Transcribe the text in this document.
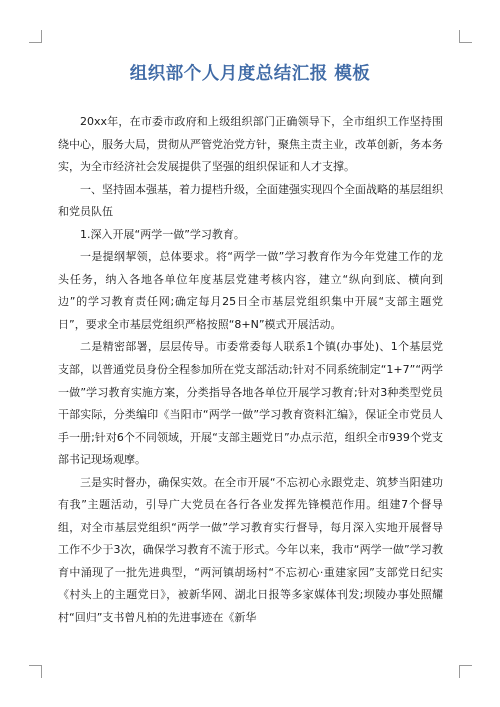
组织部个人月度总结汇报 模板

20xx年，在市委市政府和上级组织部门正确领导下，全市组织工作坚持围绕中心，服务大局，贯彻从严管党治党方针，聚焦主责主业，改革创新，务本务实，为全市经济社会发展提供了坚强的组织保证和人才支撑。

一、坚持固本强基，着力提档升级，全面建强实现四个全面战略的基层组织和党员队伍

1.深入开展“两学一做”学习教育。

一是提纲挈领，总体要求。将“两学一做”学习教育作为今年党建工作的龙头任务，纳入各地各单位年度基层党建考核内容，建立“纵向到底、横向到边”的学习教育责任网;确定每月25日全市基层党组织集中开展“支部主题党日”，要求全市基层党组织严格按照“8+N”模式开展活动。

二是精密部署，层层传导。市委常委每人联系1个镇(办事处)、1个基层党支部，以普通党员身份全程参加所在党支部活动;针对不同系统制定“1+7”“两学一做”学习教育实施方案，分类指导各地各单位开展学习教育;针对3种类型党员干部实际，分类编印《当阳市“两学一做”学习教育资料汇编》，保证全市党员人手一册;针对6个不同领域，开展“支部主题党日”办点示范，组织全市939个党支部书记现场观摩。

三是实时督办，确保实效。在全市开展“不忘初心永跟党走、筑梦当阳建功有我”主题活动，引导广大党员在各行各业发挥先锋模范作用。组建7个督导组，对全市基层党组织“两学一做”学习教育实行督导，每月深入实地开展督导工作不少于3次，确保学习教育不流于形式。今年以来，我市“两学一做”学习教育中涌现了一批先进典型，“两河镇胡场村“不忘初心·重建家园”支部党日纪实《村头上的主题党日》，被新华网、湖北日报等多家媒体刊发;坝陵办事处照耀村“回归”支书曾凡柏的先进事迹在《新华
